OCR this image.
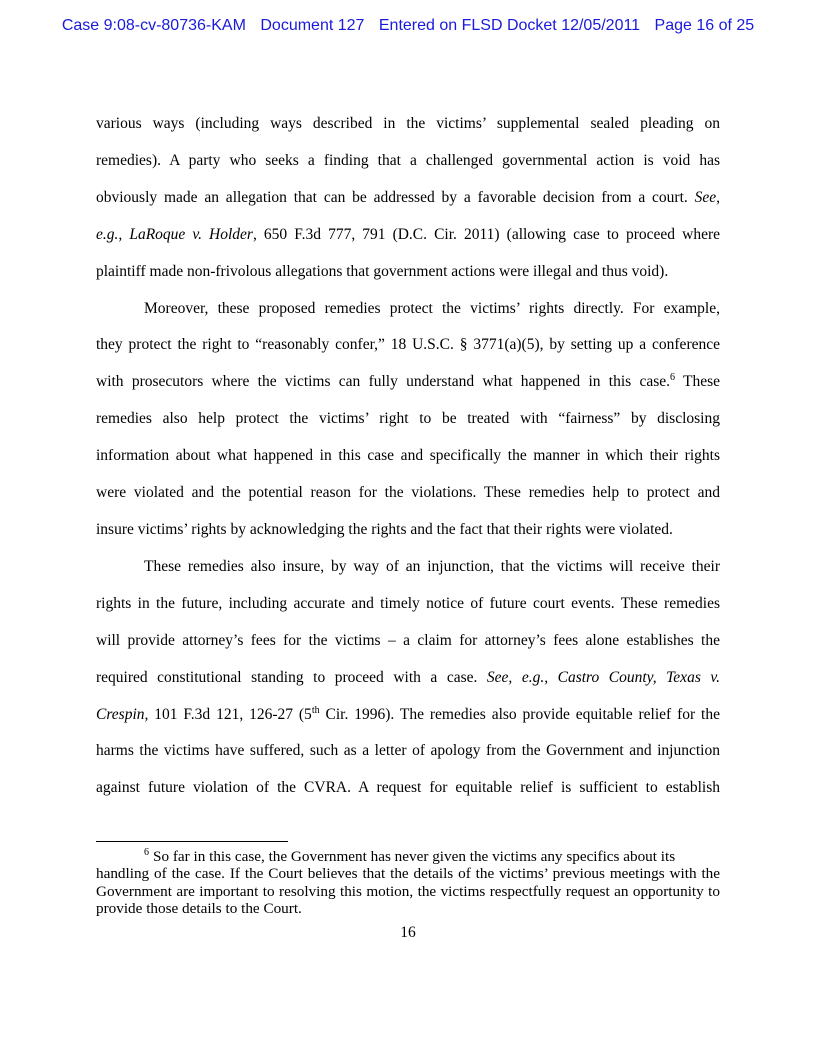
Case 9:08-cv-80736-KAM Document 127 Entered on FLSD Docket 12/05/2011 Page 16 of 25

various ways (including ways described in the victims’ supplemental sealed pleading on
remedies). A party who seeks a finding that a challenged governmental action is void has
obviously made an allegation that can be addressed by a favorable decision from a court. See,
e.g., LaRoque v. Holder, 650 F.3d 777, 791 (D.C. Cir. 2011) (allowing case to proceed where

plaintiff made non-frivolous allegations that government actions were illegal and thus void).

Moreover, these proposed remedies protect the victims’ rights directly. For example,
they protect the right to “reasonably confer,” 18 U.S.C. § 3771(a)(5), by setting up a conference
with prosecutors where the victims can fully understand what happened in this case.$^6$ These
remedies also help protect the victims’ right to be treated with “fairness” by disclosing
information about what happened in this case and specifically the manner in which their rights
were violated and the potential reason for the violations. These remedies help to protect and

insure victims’ rights by acknowledging the rights and the fact that their rights were violated.

These remedies also insure, by way of an injunction, that the victims will receive their
rights in the future, including accurate and timely notice of future court events. These remedies
will provide attorney’s fees for the victims – a claim for attorney’s fees alone establishes the
required constitutional standing to proceed with a case. See, e.g., Castro County, Texas v.
Crespin, 101 F.3d 121, 126-27 (5th Cir. 1996). The remedies also provide equitable relief for the
harms the victims have suffered, such as a letter of apology from the Government and injunction
against future violation of the CVRA. A request for equitable relief is sufficient to establish

$^6$ So far in this case, the Government has never given the victims any specifics about its
handling of the case. If the Court believes that the details of the victims’ previous meetings with the Government are important to resolving this motion, the victims respectfully request an opportunity to provide those details to the Court.
16
